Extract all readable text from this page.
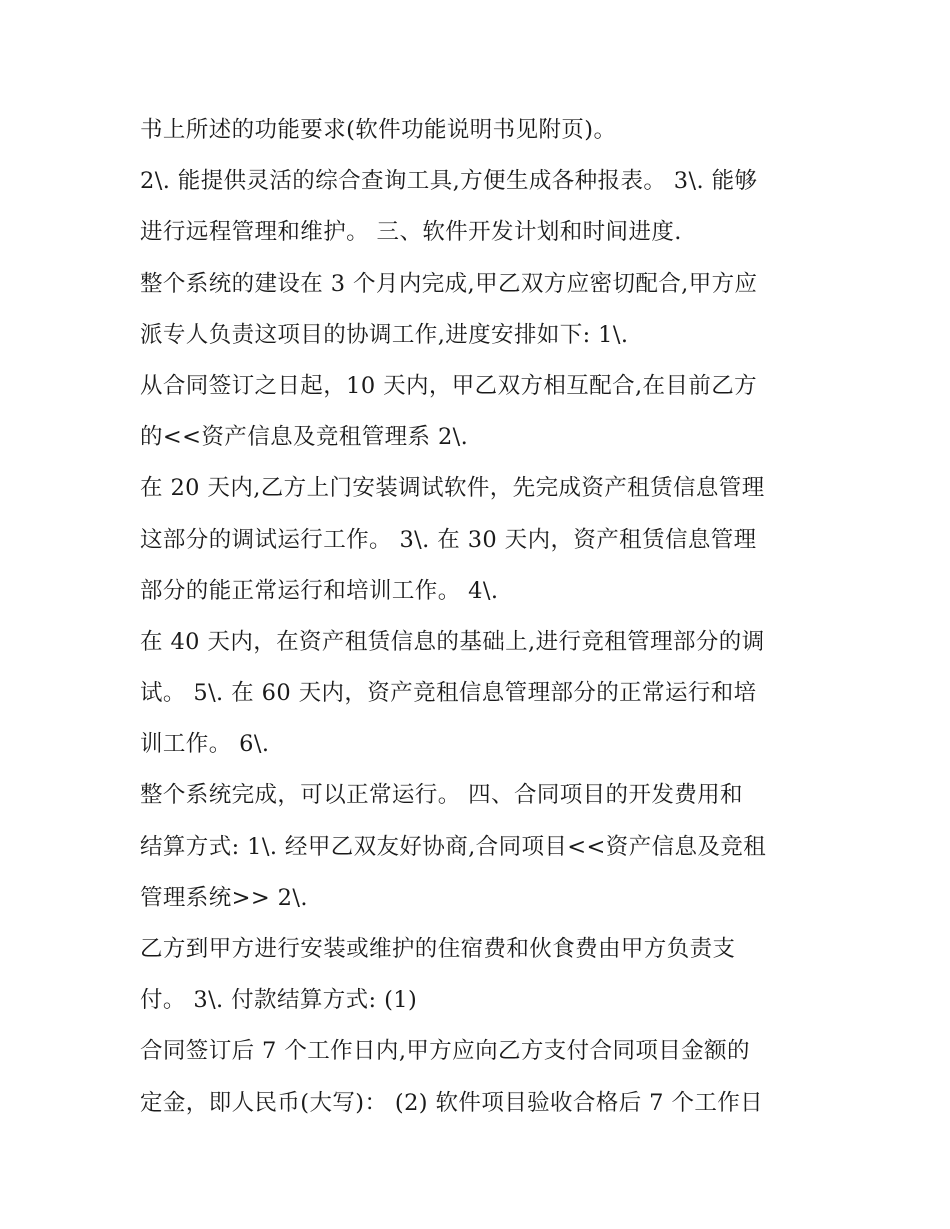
书上所述的功能要求(软件功能说明书见附页)。
2\. 能提供灵活的综合查询工具,方便生成各种报表。 3\. 能够
进行远程管理和维护。 三、软件开发计划和时间进度.
整个系统的建设在 3 个月内完成,甲乙双方应密切配合,甲方应
派专人负责这项目的协调工作,进度安排如下: 1\.
从合同签订之日起，10 天内，甲乙双方相互配合,在目前乙方
的<<资产信息及竞租管理系 2\.
在 20 天内,乙方上门安装调试软件，先完成资产租赁信息管理
这部分的调试运行工作。 3\. 在 30 天内，资产租赁信息管理
部分的能正常运行和培训工作。 4\.
在 40 天内，在资产租赁信息的基础上,进行竞租管理部分的调
试。 5\. 在 60 天内，资产竞租信息管理部分的正常运行和培
训工作。 6\.
整个系统完成，可以正常运行。 四、合同项目的开发费用和
结算方式: 1\. 经甲乙双友好协商,合同项目<<资产信息及竞租
管理系统>> 2\.
乙方到甲方进行安装或维护的住宿费和伙食费由甲方负责支
付。 3\. 付款结算方式: (1)
合同签订后 7 个工作日内,甲方应向乙方支付合同项目金额的
定金，即人民币(大写)： (2) 软件项目验收合格后 7 个工作日
